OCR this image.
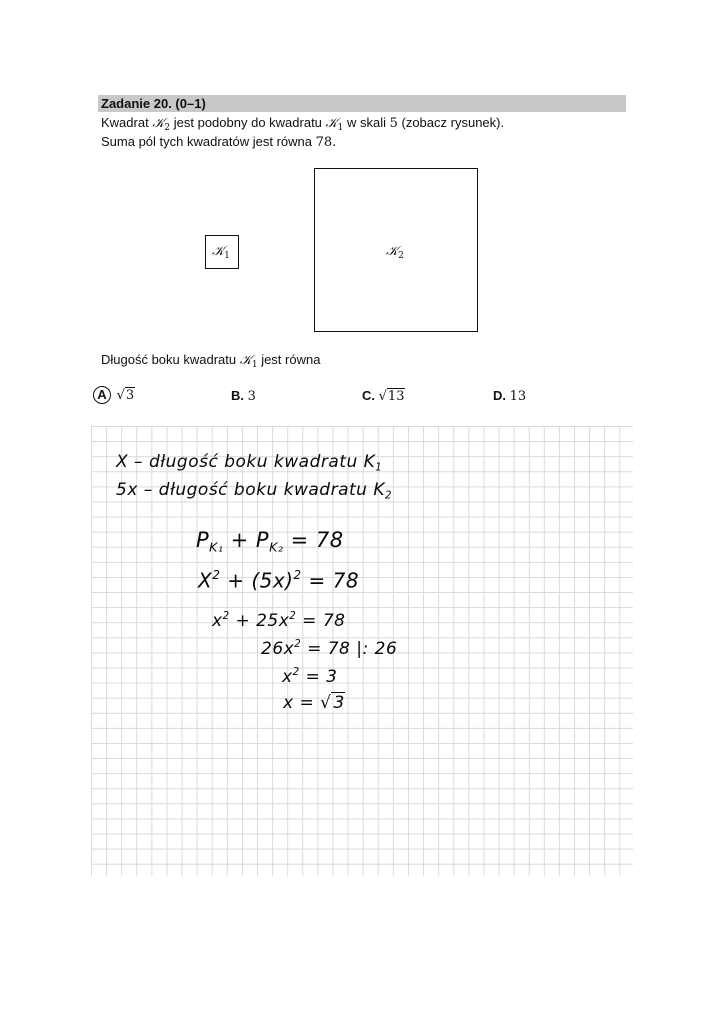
Zadanie 20. (0–1)
Kwadrat 𝒦$_2$ jest podobny do kwadratu 𝒦$_1$ w skali 5 (zobacz rysunek).
Suma pól tych kwadratów jest równa 78.
𝒦$_1$	𝒦$_2$
Długość boku kwadratu 𝒦$_1$ jest równa
A √3	B. 3	C. √13	D. 13
X – długość boku kwadratu $K_1$
5x – długość boku kwadratu $K_2$
$P_{K_1} + P_{K_2} = 78$
$X^2 + (5x)^2 = 78$
$x^2 + 25x^2 = 78$
$26x^2 = 78$ |: 26
$x^2 = 3$
x = √ 3
